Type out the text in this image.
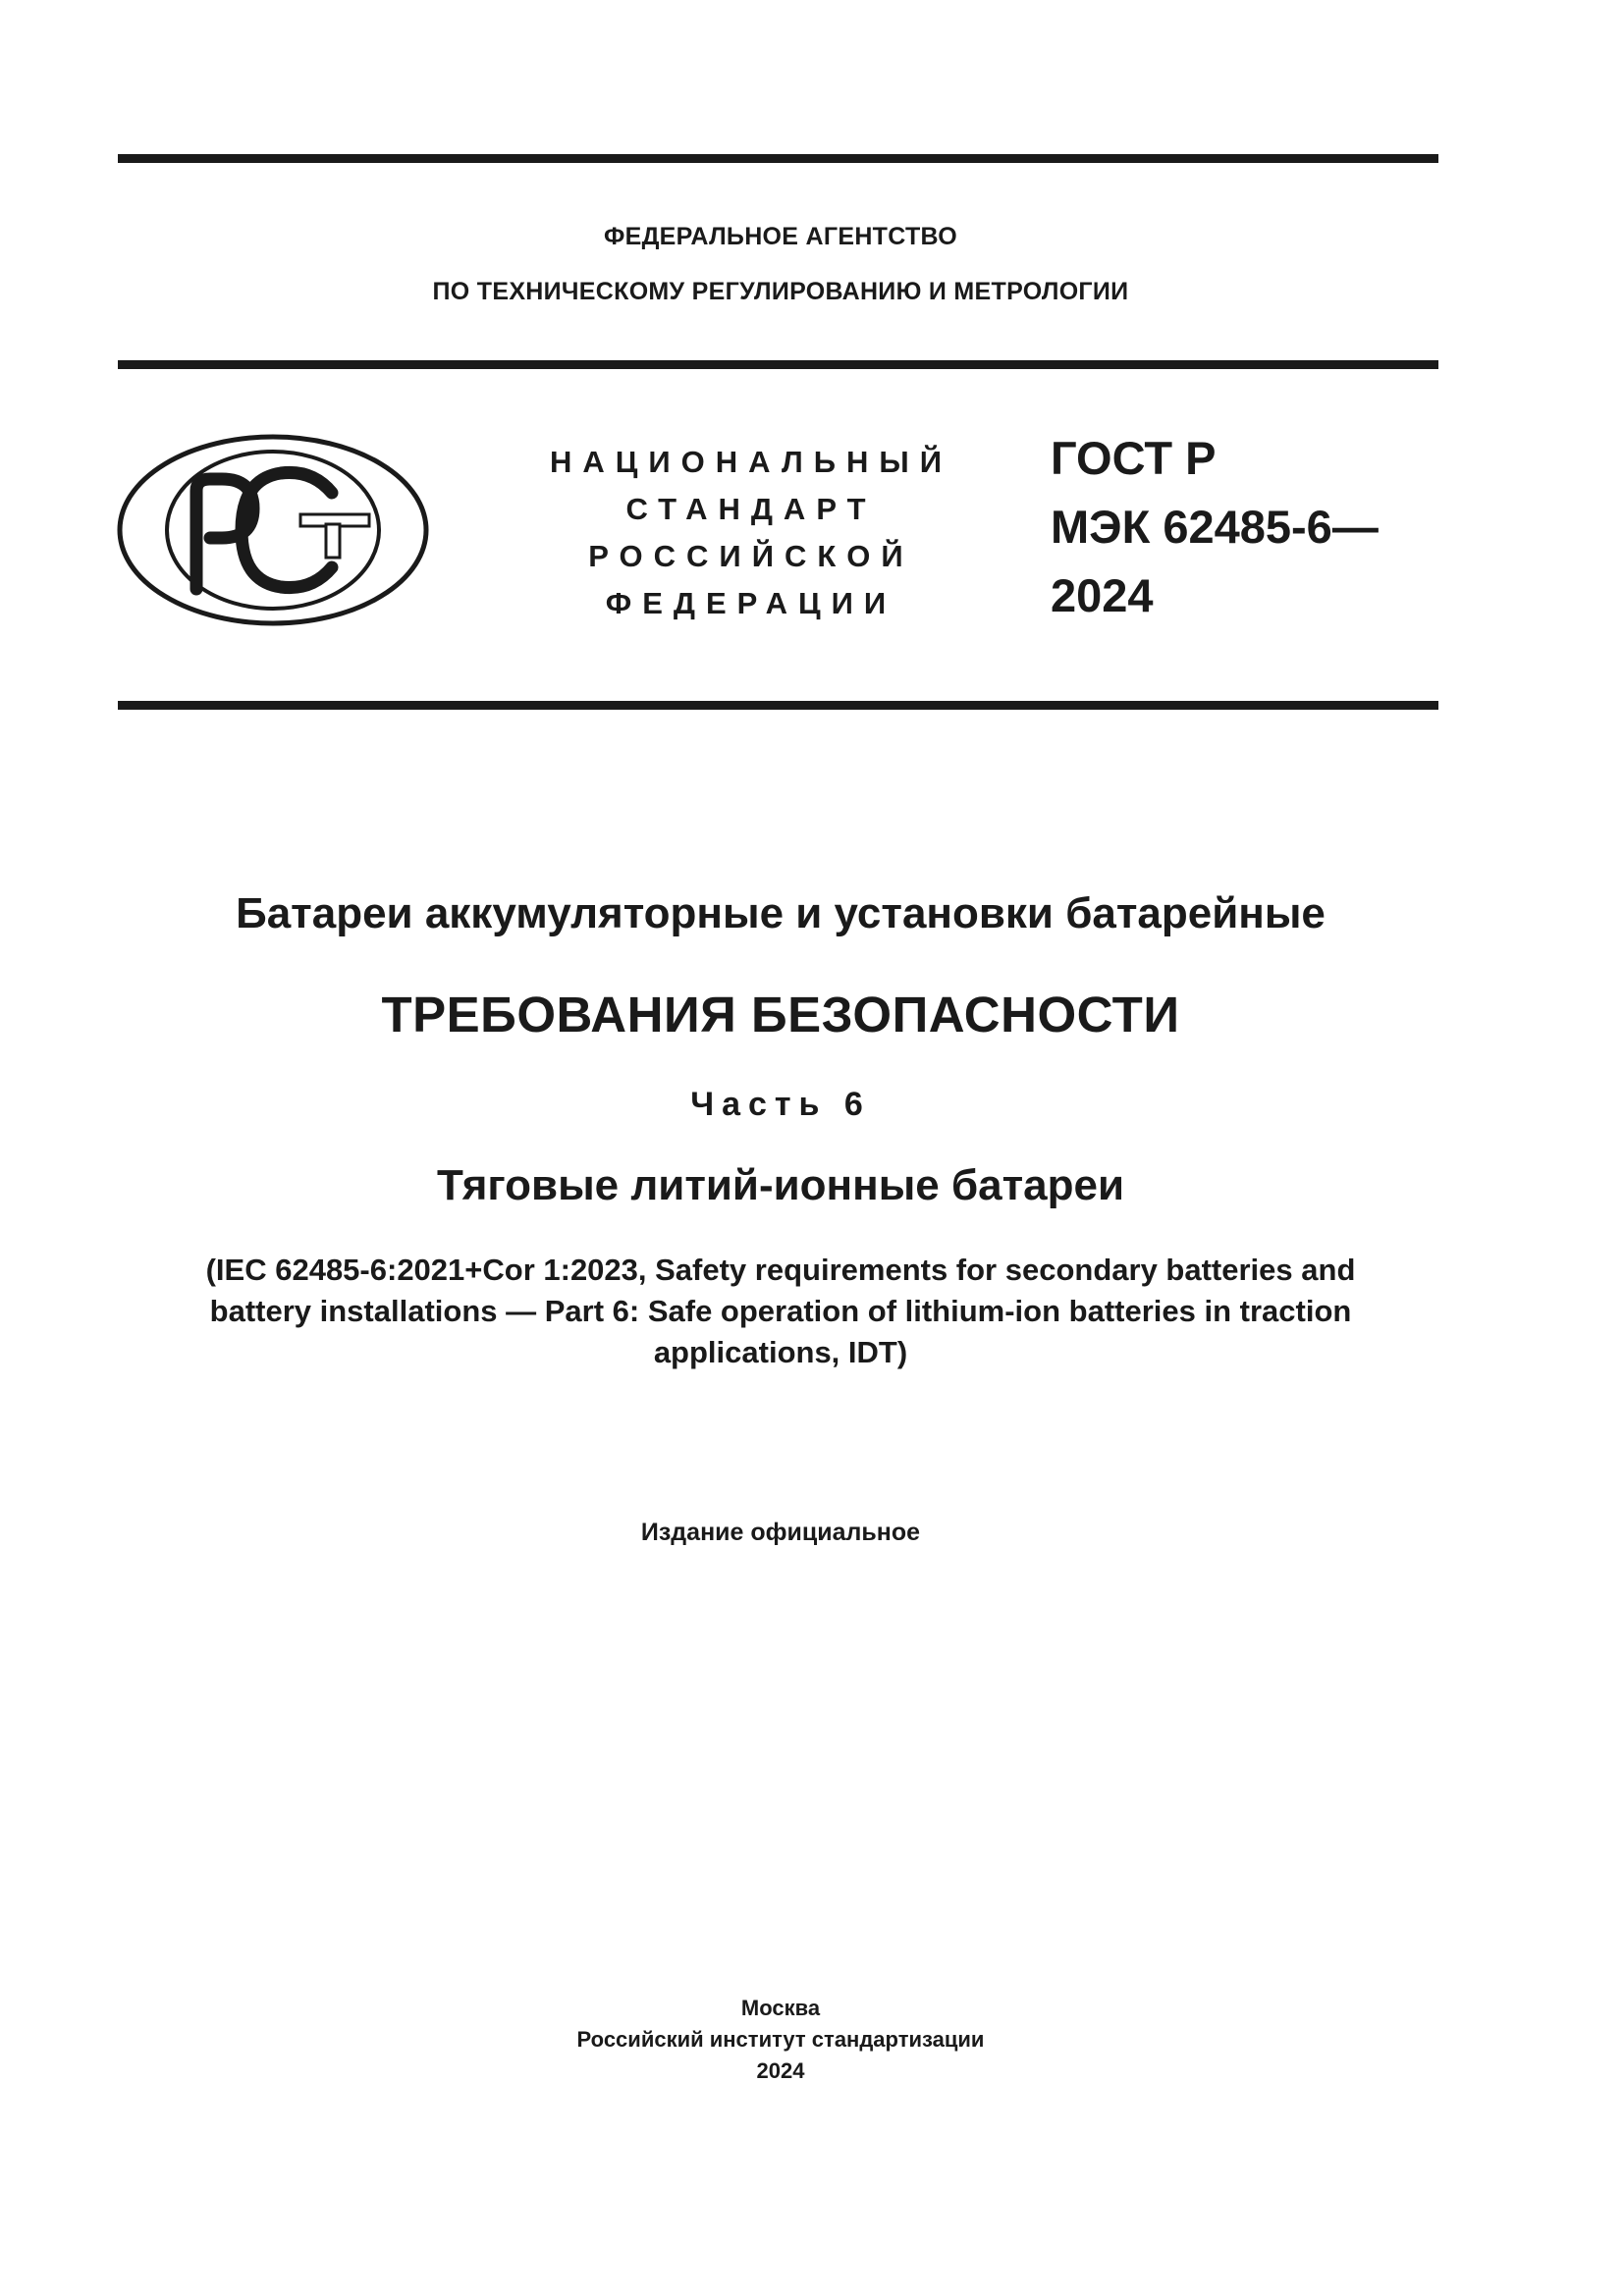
ФЕДЕРАЛЬНОЕ АГЕНТСТВО
ПО ТЕХНИЧЕСКОМУ РЕГУЛИРОВАНИЮ И МЕТРОЛОГИИ
НАЦИОНАЛЬНЫЙ
СТАНДАРТ
РОССИЙСКОЙ
ФЕДЕРАЦИИ
ГОСТ Р
МЭК 62485-6—
2024
Батареи аккумуляторные и установки батарейные
ТРЕБОВАНИЯ БЕЗОПАСНОСТИ
Часть 6
Тяговые литий-ионные батареи
(IEC 62485-6:2021+Cor 1:2023, Safety requirements for secondary batteries and
battery installations — Part 6: Safe operation of lithium-ion batteries in traction
applications, IDT)
Издание официальное
Москва
Российский институт стандартизации
2024
